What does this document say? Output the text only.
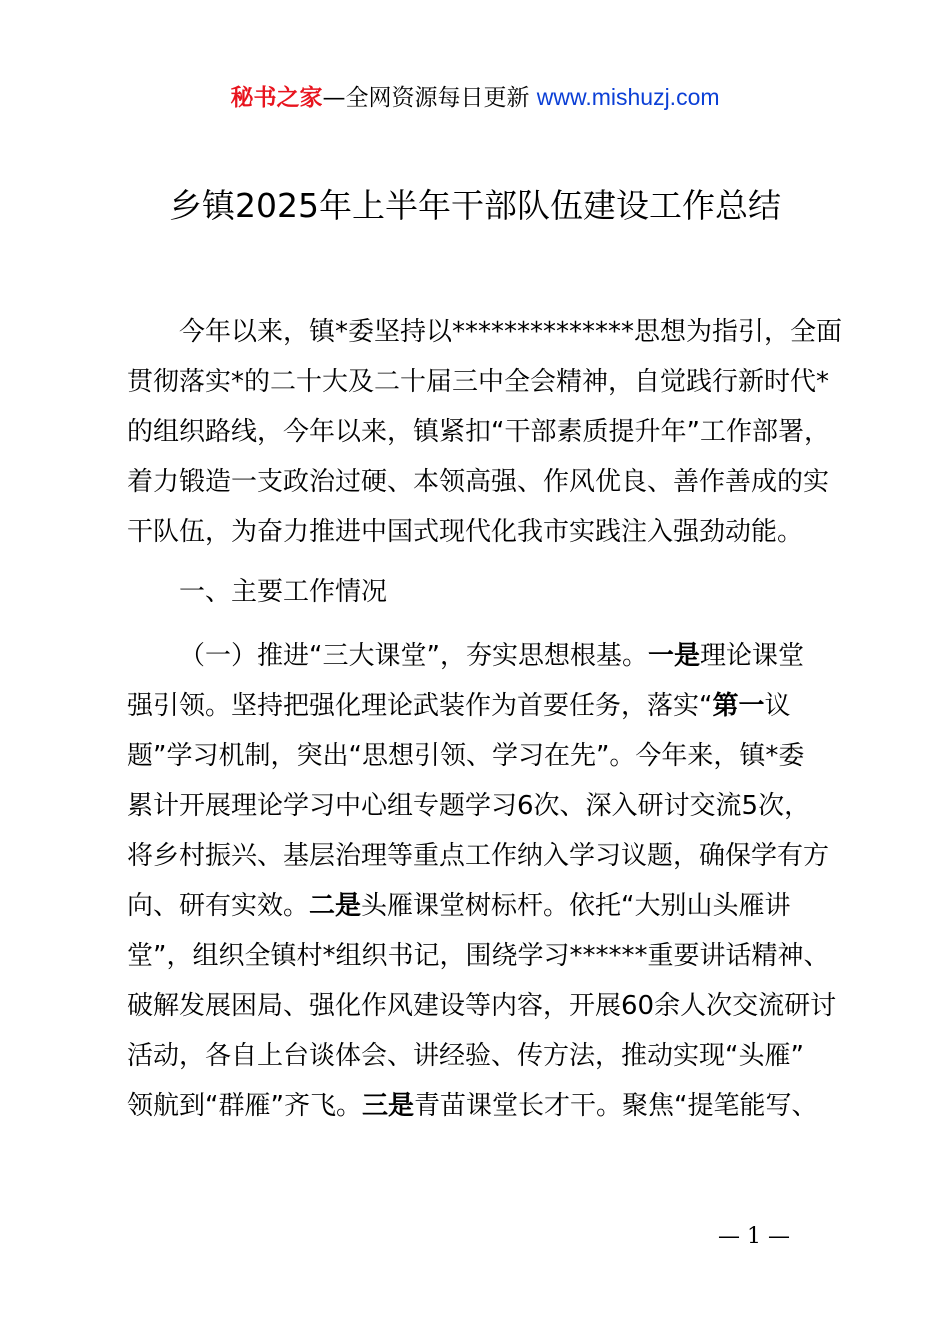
秘书之家—全网资源每日更新 www.mishuzj.com
乡镇2025年上半年干部队伍建设工作总结
今年以来，镇*委坚持以**************思想为指引，全面
贯彻落实*的二十大及二十届三中全会精神，自觉践行新时代*
的组织路线，今年以来，镇紧扣“干部素质提升年”工作部署，
着力锻造一支政治过硬、本领高强、作风优良、善作善成的实
干队伍，为奋力推进中国式现代化我市实践注入强劲动能。
一、主要工作情况
（一）推进“三大课堂”，夯实思想根基。一是理论课堂
强引领。坚持把强化理论武装作为首要任务，落实“第一议
题”学习机制，突出“思想引领、学习在先”。今年来，镇*委
累计开展理论学习中心组专题学习6次、深入研讨交流5次，
将乡村振兴、基层治理等重点工作纳入学习议题，确保学有方
向、研有实效。二是头雁课堂树标杆。依托“大别山头雁讲
堂”，组织全镇村*组织书记，围绕学习******重要讲话精神、
破解发展困局、强化作风建设等内容，开展60余人次交流研讨
活动，各自上台谈体会、讲经验、传方法，推动实现“头雁”
领航到“群雁”齐飞。三是青苗课堂长才干。聚焦“提笔能写、
— 1 —
